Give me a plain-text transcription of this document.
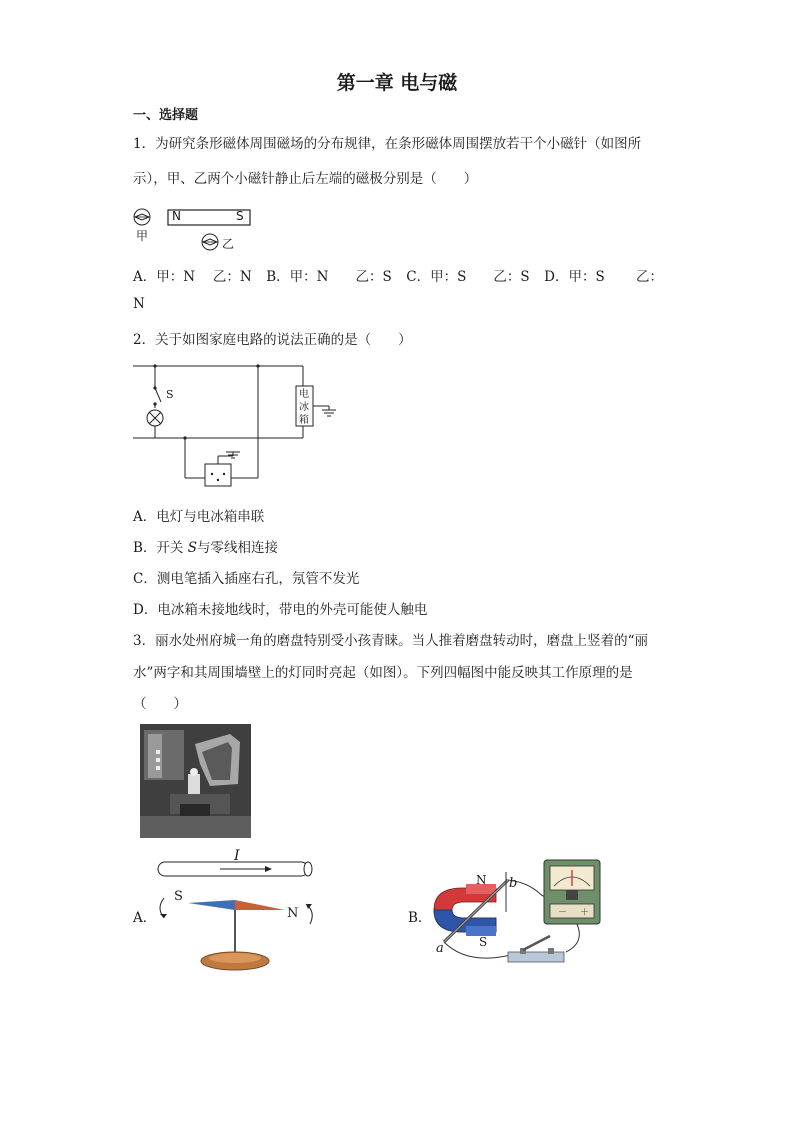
第一章 电与磁
一、选择题
1．为研究条形磁体周围磁场的分布规律，在条形磁体周围摆放若干个小磁针（如图所
示），甲、乙两个小磁针静止后左端的磁极分别是（　　）
N	S
甲
乙
A．甲：N　 乙：N B．甲：N　　乙：S C．甲：S　　乙：S D．甲：S　　 乙：
N
2．关于如图家庭电路的说法正确的是（　　）
S	电
冰
箱
A．电灯与电冰箱串联
B．开关 S与零线相连接
C．测电笔插入插座右孔，氖管不发光
D．电冰箱未接地线时，带电的外壳可能使人触电
3．丽水处州府城一角的磨盘特别受小孩青睐。当人推着磨盘转动时，磨盘上竖着的“丽
水”两字和其周围墙壁上的灯同时亮起（如图）。下列四幅图中能反映其工作原理的是
（　　）
A．
I
S
N	B．	－ ＋
N
S
a
b
